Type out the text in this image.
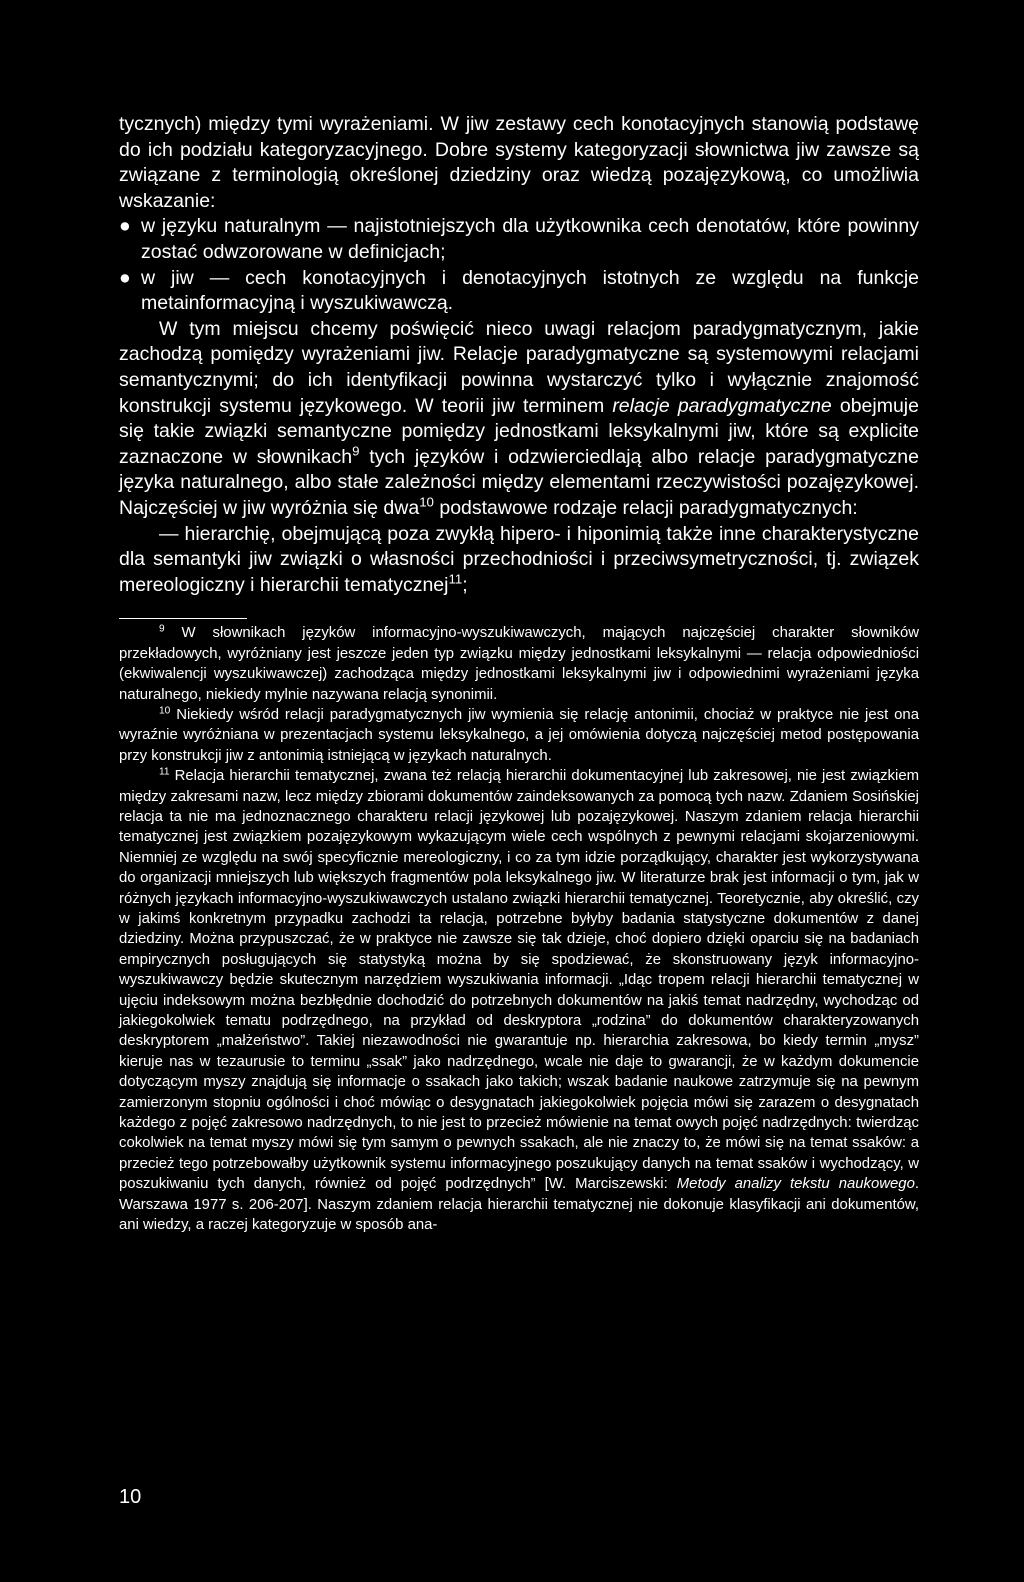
tycznych) między tymi wyrażeniami. W jiw zestawy cech konotacyjnych stanowią podstawę do ich podziału kategoryzacyjnego. Dobre systemy kategoryzacji słownictwa jiw zawsze są związane z terminologią określonej dziedziny oraz wiedzą pozajęzykową, co umożliwia wskazanie:

● w języku naturalnym — najistotniejszych dla użytkownika cech denotatów, które powinny zostać odwzorowane w definicjach;

● w jiw — cech konotacyjnych i denotacyjnych istotnych ze względu na funkcje metainformacyjną i wyszukiwawczą.

W tym miejscu chcemy poświęcić nieco uwagi relacjom paradygmatycznym, jakie zachodzą pomiędzy wyrażeniami jiw. Relacje paradygmatyczne są systemowymi relacjami semantycznymi; do ich identyfikacji powinna wystarczyć tylko i wyłącznie znajomość konstrukcji systemu językowego. W teorii jiw terminem relacje paradygmatyczne obejmuje się takie związki semantyczne pomiędzy jednostkami leksykalnymi jiw, które są explicite zaznaczone w słownikach$^9$ tych języków i odzwierciedlają albo relacje paradygmatyczne języka naturalnego, albo stałe zależności między elementami rzeczywistości pozajęzykowej. Najczęściej w jiw wyróżnia się dwa$^{10}$ podstawowe rodzaje relacji paradygmatycznych:

— hierarchię, obejmującą poza zwykłą hipero- i hiponimią także inne charakterystyczne dla semantyki jiw związki o własności przechodniości i przeciwsymetryczności, tj. związek mereologiczny i hierarchii tematycznej$^{11}$;

$^9$ W słownikach języków informacyjno-wyszukiwawczych, mających najczęściej charakter słowników przekładowych, wyróżniany jest jeszcze jeden typ związku między jednostkami leksykalnymi — relacja odpowiedniości (ekwiwalencji wyszukiwawczej) zachodząca między jednostkami leksykalnymi jiw i odpowiednimi wyrażeniami języka naturalnego, niekiedy mylnie nazywana relacją synonimii.

$^{10}$ Niekiedy wśród relacji paradygmatycznych jiw wymienia się relację antonimii, chociaż w praktyce nie jest ona wyraźnie wyróżniana w prezentacjach systemu leksykalnego, a jej omówienia dotyczą najczęściej metod postępowania przy konstrukcji jiw z antonimią istniejącą w językach naturalnych.

$^{11}$ Relacja hierarchii tematycznej, zwana też relacją hierarchii dokumentacyjnej lub zakresowej, nie jest związkiem między zakresami nazw, lecz między zbiorami dokumentów zaindeksowanych za pomocą tych nazw. Zdaniem Sosińskiej relacja ta nie ma jednoznacznego charakteru relacji językowej lub pozajęzykowej. Naszym zdaniem relacja hierarchii tematycznej jest związkiem pozajęzykowym wykazującym wiele cech wspólnych z pewnymi relacjami skojarzeniowymi. Niemniej ze względu na swój specyficznie mereologiczny, i co za tym idzie porządkujący, charakter jest wykorzystywana do organizacji mniejszych lub większych fragmentów pola leksykalnego jiw. W literaturze brak jest informacji o tym, jak w różnych językach informacyjno-wyszukiwawczych ustalano związki hierarchii tematycznej. Teoretycznie, aby określić, czy w jakimś konkretnym przypadku zachodzi ta relacja, potrzebne byłyby badania statystyczne dokumentów z danej dziedziny. Można przypuszczać, że w praktyce nie zawsze się tak dzieje, choć dopiero dzięki oparciu się na badaniach empirycznych posługujących się statystyką można by się spodziewać, że skonstruowany język informacyjno-wyszukiwawczy będzie skutecznym narzędziem wyszukiwania informacji. „Idąc tropem relacji hierarchii tematycznej w ujęciu indeksowym można bezbłędnie dochodzić do potrzebnych dokumentów na jakiś temat nadrzędny, wychodząc od jakiegokolwiek tematu podrzędnego, na przykład od deskryptora „rodzina” do dokumentów charakteryzowanych deskryptorem „małżeństwo”. Takiej niezawodności nie gwarantuje np. hierarchia zakresowa, bo kiedy termin „mysz” kieruje nas w tezaurusie to terminu „ssak” jako nadrzędnego, wcale nie daje to gwarancji, że w każdym dokumencie dotyczącym myszy znajdują się informacje o ssakach jako takich; wszak badanie naukowe zatrzymuje się na pewnym zamierzonym stopniu ogólności i choć mówiąc o desygnatach jakiegokolwiek pojęcia mówi się zarazem o desygnatach każdego z pojęć zakresowo nadrzędnych, to nie jest to przecież mówienie na temat owych pojęć nadrzędnych: twierdząc cokolwiek na temat myszy mówi się tym samym o pewnych ssakach, ale nie znaczy to, że mówi się na temat ssaków: a przecież tego potrzebowałby użytkownik systemu informacyjnego poszukujący danych na temat ssaków i wychodzący, w poszukiwaniu tych danych, również od pojęć podrzędnych” [W. Marciszewski: Metody analizy tekstu naukowego. Warszawa 1977 s. 206-207]. Naszym zdaniem relacja hierarchii tematycznej nie dokonuje klasyfikacji ani dokumentów, ani wiedzy, a raczej kategoryzuje w sposób ana-

10
